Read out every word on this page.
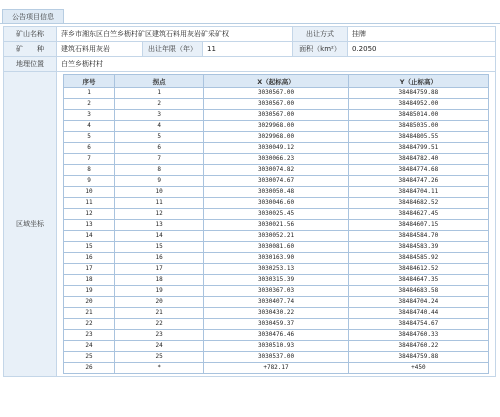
公告项目信息
矿山名称	萍乡市湘东区白竺乡枥村矿区建筑石料用灰岩矿采矿权	出让方式	挂牌
矿　　种	建筑石料用灰岩	出让年限（年）	11	面积（km²）	0.2050
地理位置	白竺乡枥村村
区域坐标	
序号	拐点	X（起标高）	Y（止标高）
1	1	3030567.00	38484759.88
2	2	3030567.00	38484952.00
3	3	3030567.00	38485014.00
4	4	3029968.00	38485035.00
5	5	3029968.00	38484805.55
6	6	3030049.12	38484799.51
7	7	3030066.23	38484782.40
8	8	3030074.82	38484774.68
9	9	3030074.67	38484747.26
10	10	3030050.48	38484704.11
11	11	3030046.60	38484682.52
12	12	3030025.45	38484627.45
13	13	3030021.56	38484607.15
14	14	3030052.21	38484584.70
15	15	3030081.60	38484583.39
16	16	3030163.90	38484585.92
17	17	3030253.13	38484612.52
18	18	3030315.39	38484647.35
19	19	3030367.03	38484683.58
20	20	3030407.74	38484704.24
21	21	3030430.22	38484740.44
22	22	3030459.37	38484754.67
23	23	3030476.46	38484760.33
24	24	3030510.93	38484760.22
25	25	3030537.00	38484759.88
26	*	+782.17	+450
